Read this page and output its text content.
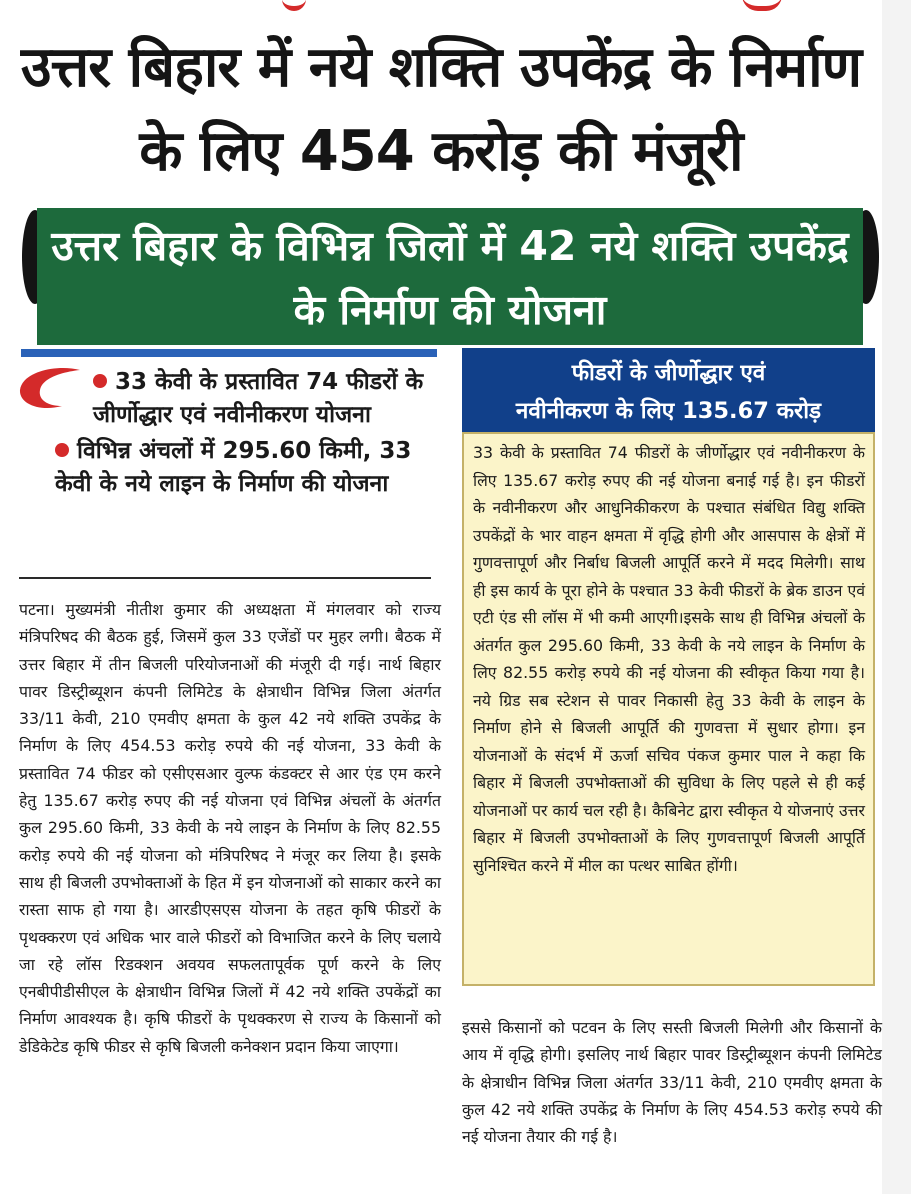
उत्तर बिहार में नये शक्ति उपकेंद्र के निर्माण के लिए 454 करोड़ की मंजूरी
उत्तर बिहार के विभिन्न जिलों में 42 नये शक्ति उपकेंद्र के निर्माण की योजना
33 केवी के प्रस्तावित 74 फीडरों के जीर्णोद्धार एवं नवीनीकरण योजना
विभिन्न अंचलों में 295.60 किमी, 33 केवी के नये लाइन के निर्माण की योजना

पटना। मुख्यमंत्री नीतीश कुमार की अध्यक्षता में मंगलवार को राज्य मंत्रिपरिषद की बैठक हुई, जिसमें कुल 33 एजेंडों पर मुहर लगी। बैठक में उत्तर बिहार में तीन बिजली परियोजनाओं की मंजूरी दी गई। नार्थ बिहार पावर डिस्ट्रीब्यूशन कंपनी लिमिटेड के क्षेत्राधीन विभिन्न जिला अंतर्गत 33/11 केवी, 210 एमवीए क्षमता के कुल 42 नये शक्ति उपकेंद्र के निर्माण के लिए 454.53 करोड़ रुपये की नई योजना, 33 केवी के प्रस्तावित 74 फीडर को एसीएसआर वुल्फ कंडक्टर से आर एंड एम करने हेतु 135.67 करोड़ रुपए की नई योजना एवं विभिन्न अंचलों के अंतर्गत कुल 295.60 किमी, 33 केवी के नये लाइन के निर्माण के लिए 82.55 करोड़ रुपये की नई योजना को मंत्रिपरिषद ने मंजूर कर लिया है। इसके साथ ही बिजली उपभोक्ताओं के हित में इन योजनाओं को साकार करने का रास्ता साफ हो गया है। आरडीएसएस योजना के तहत कृषि फीडरों के पृथक्करण एवं अधिक भार वाले फीडरों को विभाजित करने के लिए चलाये जा रहे लॉस रिडक्शन अवयव सफलतापूर्वक पूर्ण करने के लिए एनबीपीडीसीएल के क्षेत्राधीन विभिन्न जिलों में 42 नये शक्ति उपकेंद्रों का निर्माण आवश्यक है। कृषि फीडरों के पृथक्करण से राज्य के किसानों को डेडिकेटेड कृषि फीडर से कृषि बिजली कनेक्शन प्रदान किया जाएगा।

फीडरों के जीर्णोद्धार एवं
नवीनीकरण के लिए 135.67 करोड़
33 केवी के प्रस्तावित 74 फीडरों के जीर्णोद्धार एवं नवीनीकरण के लिए 135.67 करोड़ रुपए की नई योजना बनाई गई है। इन फीडरों के नवीनीकरण और आधुनिकीकरण के पश्चात संबंधित विद्यु शक्ति उपकेंद्रों के भार वाहन क्षमता में वृद्धि होगी और आसपास के क्षेत्रों में गुणवत्तापूर्ण और निर्बाध बिजली आपूर्ति करने में मदद मिलेगी। साथ ही इस कार्य के पूरा होने के पश्चात 33 केवी फीडरों के ब्रेक डाउन एवं एटी एंड सी लॉस में भी कमी आएगी।इसके साथ ही विभिन्न अंचलों के अंतर्गत कुल 295.60 किमी, 33 केवी के नये लाइन के निर्माण के लिए 82.55 करोड़ रुपये की नई योजना की स्वीकृत किया गया है। नये ग्रिड सब स्टेशन से पावर निकासी हेतु 33 केवी के लाइन के निर्माण होने से बिजली आपूर्ति की गुणवत्ता में सुधार होगा। इन योजनाओं के संदर्भ में ऊर्जा सचिव पंकज कुमार पाल ने कहा कि बिहार में बिजली उपभोक्ताओं की सुविधा के लिए पहले से ही कई योजनाओं पर कार्य चल रही है। कैबिनेट द्वारा स्वीकृत ये योजनाएं उत्तर बिहार में बिजली उपभोक्ताओं के लिए गुणवत्तापूर्ण बिजली आपूर्ति सुनिश्चित करने में मील का पत्थर साबित होंगी।

इससे किसानों को पटवन के लिए सस्ती बिजली मिलेगी और किसानों के आय में वृद्धि होगी। इसलिए नार्थ बिहार पावर डिस्ट्रीब्यूशन कंपनी लिमिटेड के क्षेत्राधीन विभिन्न जिला अंतर्गत 33/11 केवी, 210 एमवीए क्षमता के कुल 42 नये शक्ति उपकेंद्र के निर्माण के लिए 454.53 करोड़ रुपये की नई योजना तैयार की गई है।
